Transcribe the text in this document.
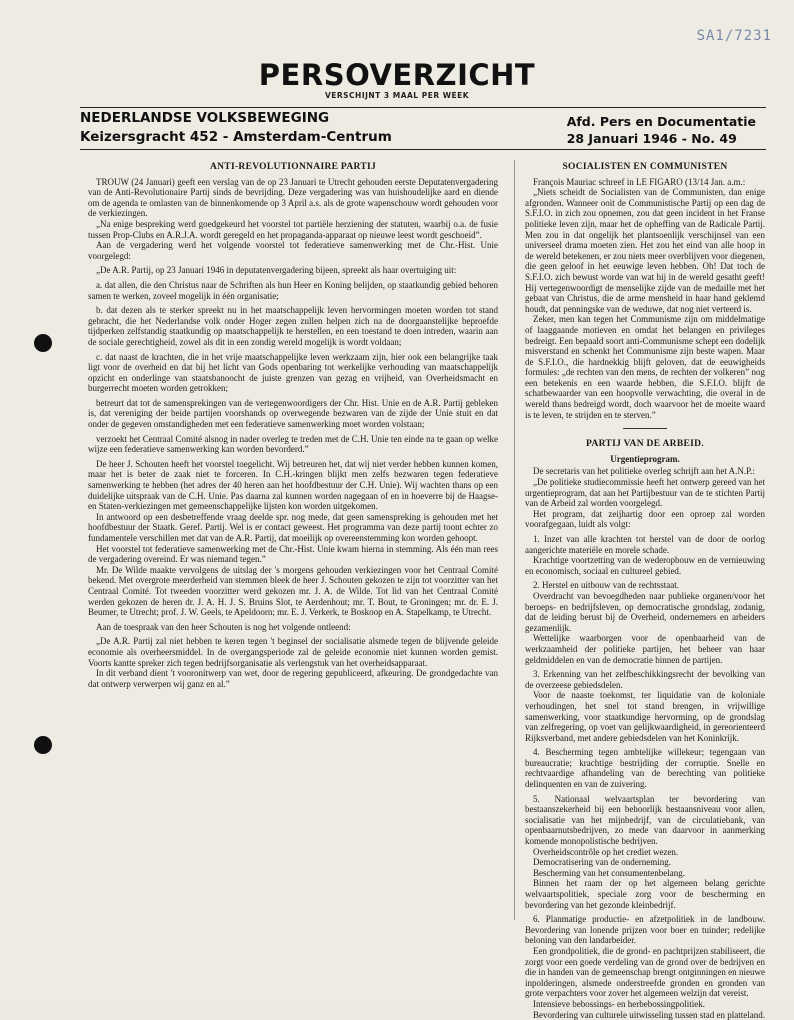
SA1/7231
PERSOVERZICHT
VERSCHIJNT 3 MAAL PER WEEK
NEDERLANDSE VOLKSBEWEGING
Keizersgracht 452 - Amsterdam-Centrum
Afd. Pers en Documentatie
28 Januari 1946 - No. 49

ANTI-REVOLUTIONNAIRE PARTIJ

TROUW (24 Januari) geeft een verslag van de op 23 Januari te Utrecht gehouden eerste Deputatenvergadering van de Anti-Revolutionaire Partij sinds de bevrijding. Deze vergadering was van huishoudelijke aard en diende om de agenda te omlasten van de binnenkomende op 3 April a.s. als de grote wapenschouw wordt gehouden voor de verkiezingen.

„Na enige bespreking werd goedgekeurd het voorstel tot partiële herziening der statuten, waarbij o.a. de fusie tussen Prop-Clubs en A.R.J.A. wordt geregeld en het propaganda-apparaat op nieuwe leest wordt geschoeid”.

Aan de vergadering werd het volgende voorstel tot federatieve samenwerking met de Chr.-Hist. Unie voorgelegd:

„De A.R. Partij, op 23 Januari 1946 in deputatenvergadering bijeen, spreekt als haar overtuiging uit:

a. dat allen, die den Christus naar de Schriften als hun Heer en Koning belijden, op staatkundig gebied behoren samen te werken, zoveel mogelijk in één organisatie;

b. dat dezen als te sterker spreekt nu in het maatschappelijk leven hervormingen moeten worden tot stand gebracht, die het Nederlandse volk onder Hoger zegen zullen helpen zich na de doorgaanstelijke beproefde tijdperken zelfstandig staatkundig op maatschappelijk te herstellen, en een toestand te doen intreden, waarin aan de sociale gerechtigheid, zowel als dit in een zondig wereld mogelijk is wordt voldaan;

c. dat naast de krachten, die in het vrije maatschappelijke leven werkzaam zijn, hier ook een belangrijke taak ligt voor de overheid en dat bij het licht van Gods openbaring tot werkelijke verhouding van maatschappelijk opzicht en onderlinge van staatsbanoocht de juiste grenzen van gezag en vrijheid, van Overheidsmacht en burgerrecht moeten worden getrokken;

betreurt dat tot de samensprekingen van de vertegenwoordigers der Chr. Hist. Unie en de A.R. Partij gebleken is, dat vereniging der beide partijen voorshands op overwegende bezwaren van de zijde der Unie stuit en dat onder de gegeven omstandigheden met een federatieve samenwerking moet worden volstaan;

verzoekt het Centraal Comité alsnog in nader overleg te treden met de C.H. Unie ten einde na te gaan op welke wijze een federatieve samenwerking kan worden bevorderd.”

De heer J. Schouten heeft het voorstel toegelicht. Wij betreuren het, dat wij niet verder hebben kunnen komen, maar het is beter de zaak niet te forceren. In C.H.-kringen blijkt men zelfs bezwaren tegen federatieve samenwerking te hebben (het adres der 40 heren aan het hoofdbestuur der C.H. Unie). Wij wachten thans op een duidelijke uitspraak van de C.H. Unie. Pas daarna zal kunnen worden nagegaan of en in hoeverre bij de Haagse- en Staten-verkiezingen met gemeenschappelijke lijsten kon worden uitgekomen.

In antwoord op een desbetreffende vraag deelde spr. nog mede, dat geen samenspreking is gehouden met het hoofdbestuur der Staatk. Geref. Partij. Wel is er contact geweest. Het programma van deze partij toont echter zo fundamentele verschillen met dat van de A.R. Partij, dat moeilijk op overeenstemming kon worden gehoopt.

Het voorstel tot federatieve samenwerking met de Chr.-Hist. Unie kwam hierna in stemming. Als één man rees de vergadering overeind. Er was niemand tegen.”

Mr. De Wilde maakte vervolgens de uitslag der 's morgens gehouden verkiezingen voor het Centraal Comité bekend. Met overgrote meerderheid van stemmen bleek de heer J. Schouten gekozen te zijn tot voorzitter van het Centraal Comité. Tot tweeden voorzitter werd gekozen mr. J. A. de Wilde. Tot lid van het Centraal Comité werden gekozen de heren dr. J. A. H. J. S. Bruins Slot, te Aerdenhout; mr. T. Bout, te Groningen; mr. dr. E. J. Beumer, te Utrecht; prof. J. W. Geels, te Apeldoorn; mr. E. J. Verkerk, te Boskoop en A. Stapelkamp, te Utrecht.

Aan de toespraak van den heer Schouten is nog het volgende ontleend:

„De A.R. Partij zal niet hebben te keren tegen 't beginsel der socialisatie alsmede tegen de blijvende geleide economie als overheersmiddel. In de overgangsperiode zal de geleide economie niet kunnen worden gemist. Voorts kantte spreker zich tegen bedrijfsorganisatie als verlengstuk van het overheidsapparaat.

In dit verband dient 't vooronitwerp van wet, door de regering gepubliceerd, afkeuring. De grondgedachte van dat ontwerp verwerpen wij ganz en al.”

SOCIALISTEN EN COMMUNISTEN

François Mauriac schreef in LE FIGARO (13/14 Jan. a.m.:

„Niets scheidt de Socialisten van de Communisten, dan enige afgronden. Wanneer ooit de Communistische Partij op een dag de S.F.I.O. in zich zou opnemen, zou dat geen incident in het Franse politieke leven zijn, maar het de opheffing van de Radicale Partij. Men zou in dat ongelijk het plantsoenlijk verschijnsel van een universeel drama moeten zien. Het zou het eind van alle hoop in de wereld betekenen, er zou niets meer overblijven voor diegenen, die geen geloof in het eeuwige leven hebben. Oh! Dat toch de S.F.I.O. zich bewust worde van wat hij in de wereld gesatht geeft! Hij vertegenwoordigt de menselijke zijde van de medaille met het gebaat van Christus, die de arme mensheid in haar hand geklemd houdt, dat penningske van de weduwe, dat nog niet verteerd is.

Zeker, men kan tegen het Communisme zijn om middelmatige of laaggaande motieven en omdat het belangen en privileges bedreigt. Een bepaald soort anti-Communisme schept een dodelijk misverstand en schenkt het Communisme zijn beste wapen. Maar de S.F.I.O., die hardnekkig blijft geloven, dat de eeuwigheids formules: „de rechten van den mens, de rechten der volkeren” nog een betekenis en een waarde hebben, die S.F.I.O. blijft de schatbewaarder van een hoopvolle verwachting, die overal in de wereld thans bedreigd wordt, doch waarvoor het de moeite waard is te leven, te strijden en te sterven.”

PARTIJ VAN DE ARBEID.

Urgentieprogram.

De secretaris van het politieke overleg schrijft aan het A.N.P.:

„De politieke studiecommissie heeft het ontwerp gereed van het urgentieprogram, dat aan het Partijbestuur van de te stichten Partij van de Arbeid zal worden voorgelegd.

Het program, dat zeijhartig door een oproep zal worden voorafgegaan, luidt als volgt:

1. Inzet van alle krachten tot herstel van de door de oorlog aangerichte materiële en morele schade.

Krachtige voortzetting van de wederopbouw en de vernieuwing en economisch, sociaal en cultureel gebied.

2. Herstel en uitbouw van de rechtsstaat.

Overdracht van bevoegdheden naar publieke organen/voor het beroeps- en bedrijfsleven, op democratische grondslag, zodanig, dat de leiding berust bij de Overheid, ondernemers en arbeiders gezamenlijk.

Wettelijke waarborgen voor de openbaarheid van de werkzaamheid der politieke partijen, het beheer van haar geldmiddelen en van de democratie binnen de partijen.

3. Erkenning van het zelfbeschikkingsrecht der bevolking van de overzeese gebiedsdelen.

Voor de naaste toekomst, ter liquidatie van de koloniale verhoudingen, het snel tot stand brengen, in vrijwillige samenwerking, voor staatkundige hervorming, op de grondslag van zelfregering, op voet van gelijkwaardigheid, in gereorienteerd Rijksverband, met andere gebiedsdelen van het Koninkrijk.

4. Bescherming tegen ambtelijke willekeur; tegengaan van bureaucratie; krachtige bestrijding der corruptie. Snelle en rechtvaardige afhandeling van de berechting van politieke delinquenten en van de zuivering.

5. Nationaal welvaartsplan ter bevordering van bestaanszekerheid bij een behoorlijk bestaansniveau voor allen, socialisatie van het mijnbedrijf, van de circulatiebank, van openbaarnutsbedrijven, zo mede van daarvoor in aanmerking komende monopolistische bedrijven.

Overheidscontrôle op het crediet wezen.

Democratisering van de onderneming.

Bescherming van het consumentenbelang.

Binnen het raam der op het algemeen belang gerichte welvaartspolitiek, speciale zorg voor de bescherming en bevordering van het gezonde kleinbedrijf.

6. Planmatige productie- en afzetpolitiek in de landbouw. Bevordering van lonende prijzen voor boer en tuinder; redelijke beloning van den landarbeider.

Een grondpolitiek, die de grond- en pachtprijzen stabiliseert, die zorgt voor een goede verdeling van de grond over de bedrijven en die in handen van de gemeenschap brengt ontginningen en nieuwe inpolderingen, alsmede onderstreefde gronden en gronden van grote verpachters voor zover het algemeen welzijn dat vereist.

Intensieve bebossings- en herbebossingpolitiek.

Bevordering van culturele uitwisseling tussen stad en platteland.
